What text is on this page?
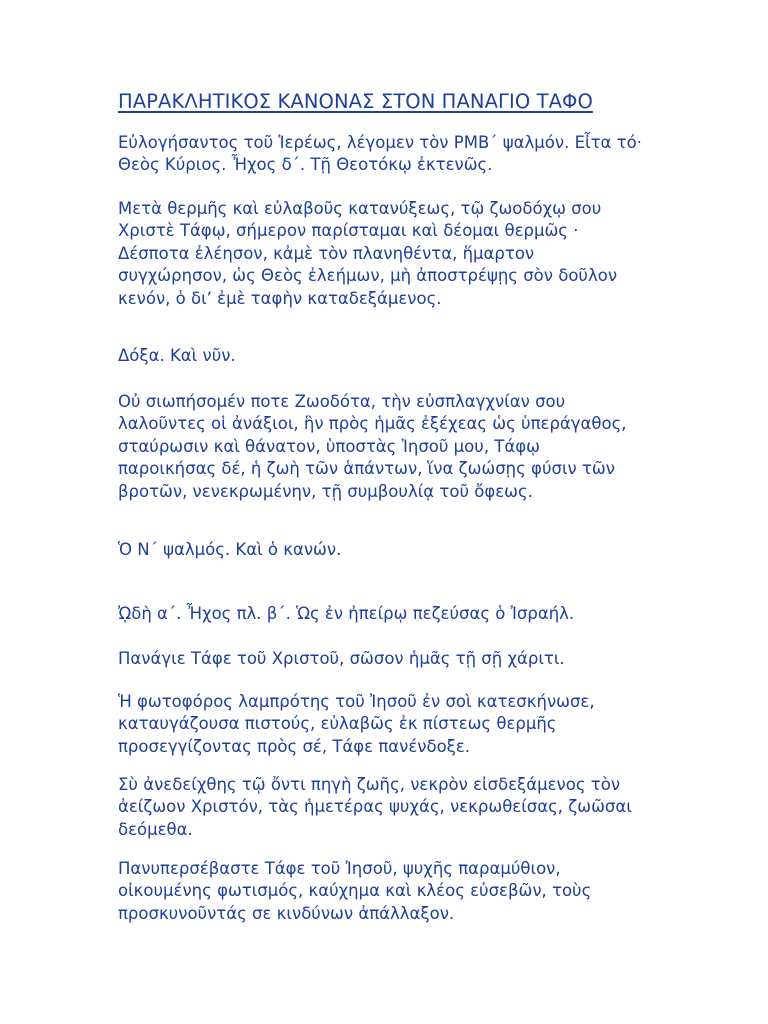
ΠΑΡΑΚΛΗΤΙΚΟΣ ΚΑΝΟΝΑΣ ΣΤΟΝ ΠΑΝΑΓΙΟ ΤΑΦΟ

Εὐλογήσαντος τοῦ Ἱερέως, λέγομεν τὸν ΡΜΒ΄ ψαλμόν. Εἶτα τό·
Θεὸς Κύριος. Ἦχος δ΄. Τῇ Θεοτόκῳ ἐκτενῶς.

Μετὰ θερμῆς καὶ εὐλαβοῦς κατανύξεως, τῷ ζωοδόχῳ σου
Χριστὲ Τάφῳ, σήμερον παρίσταμαι καὶ δέομαι θερμῶς ·
Δέσποτα ἐλέησον, κἀμὲ τὸν πλανηθέντα, ἥμαρτον
συγχώρησον, ὡς Θεὸς ἐλεήμων, μὴ ἀποστρέψῃς σὸν δοῦλον
κενόν, ὁ δι’ ἐμὲ ταφὴν καταδεξάμενος.

Δόξα. Καὶ νῦν.

Οὐ σιωπήσομέν ποτε Ζωοδότα, τὴν εὐσπλαγχνίαν σου
λαλοῦντες οἱ ἀνάξιοι, ἣν πρὸς ἡμᾶς ἐξέχεας ὡς ὑπεράγαθος,
σταύρωσιν καὶ θάνατον, ὑποστὰς Ἰησοῦ μου, Τάφῳ
παροικήσας δέ, ἡ ζωὴ τῶν ἁπάντων, ἵνα ζωώσῃς φύσιν τῶν
βροτῶν, νενεκρωμένην, τῇ συμβουλίᾳ τοῦ ὄφεως.

Ὁ Ν΄ ψαλμός. Καὶ ὁ κανών.

ᾨδὴ α΄. Ἦχος πλ. β΄. Ὡς ἐν ἠπείρῳ πεζεύσας ὁ Ἰσραήλ.

Πανάγιε Τάφε τοῦ Χριστοῦ, σῶσον ἡμᾶς τῇ σῇ χάριτι.

Ἡ φωτοφόρος λαμπρότης τοῦ Ἰησοῦ ἐν σοὶ κατεσκήνωσε,
καταυγάζουσα πιστούς, εὐλαβῶς ἐκ πίστεως θερμῆς
προσεγγίζοντας πρὸς σέ, Τάφε πανένδοξε.

Σὺ ἀνεδείχθης τῷ ὄντι πηγὴ ζωῆς, νεκρὸν εἰσδεξάμενος τὸν
ἀείζωον Χριστόν, τὰς ἡμετέρας ψυχάς, νεκρωθείσας, ζωῶσαι
δεόμεθα.

Πανυπερσέβαστε Τάφε τοῦ Ἰησοῦ, ψυχῆς παραμύθιον,
οἰκουμένης φωτισμός, καύχημα καὶ κλέος εὐσεβῶν, τοὺς
προσκυνοῦντάς σε κινδύνων ἀπάλλαξον.
